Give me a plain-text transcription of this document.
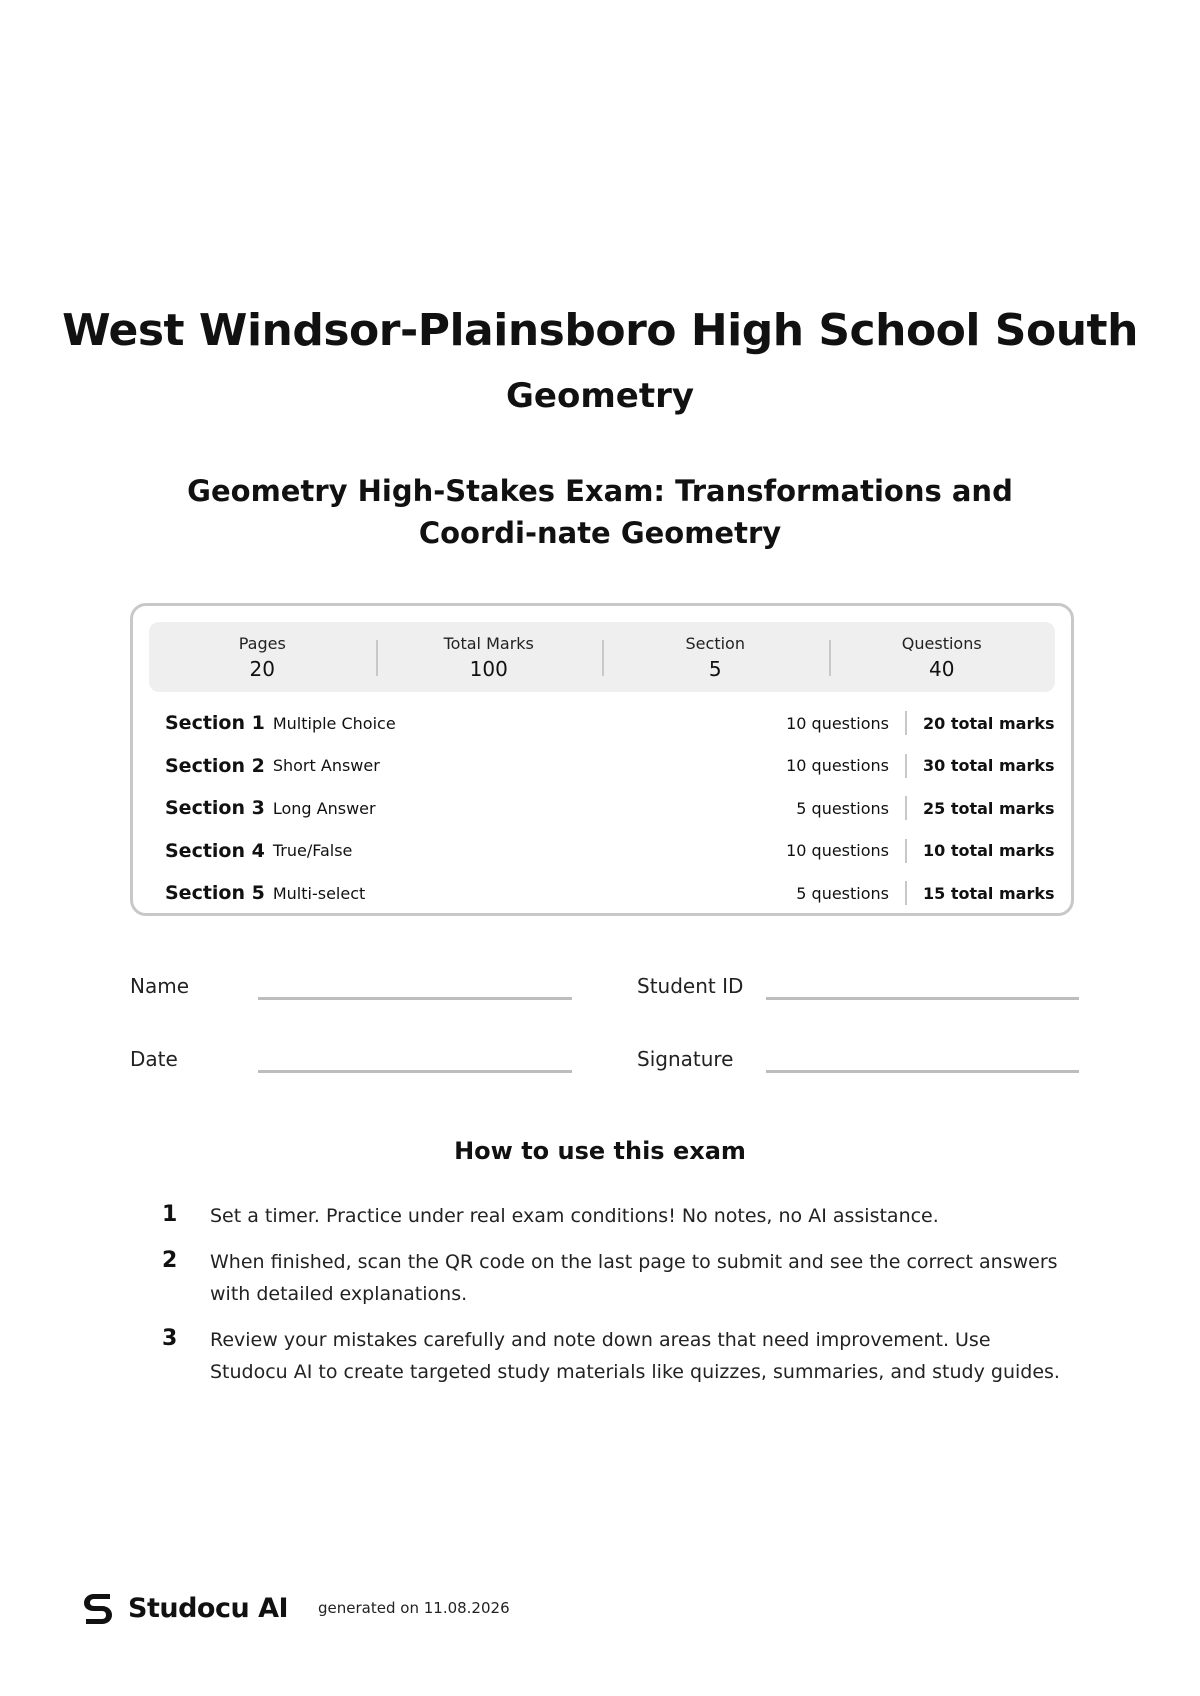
West Windsor-Plainsboro High School South
Geometry
Geometry High-Stakes Exam: Transformations and Coordi-nate Geometry
Pages
20
Total Marks
100
Section
5
Questions
40
Section 1 Multiple Choice	10 questions	20 total marks
Section 2 Short Answer	10 questions	30 total marks
Section 3 Long Answer	5 questions	25 total marks
Section 4 True/False	10 questions	10 total marks
Section 5 Multi-select	5 questions	15 total marks
Name	Student ID
Date	Signature
How to use this exam
1	Set a timer. Practice under real exam conditions! No notes, no AI assistance.
2	When finished, scan the QR code on the last page to submit and see the correct answers with detailed explanations.
3	Review your mistakes carefully and note down areas that need improvement. Use Studocu AI to create targeted study materials like quizzes, summaries, and study guides.
Studocu AI generated on 11.08.2026
